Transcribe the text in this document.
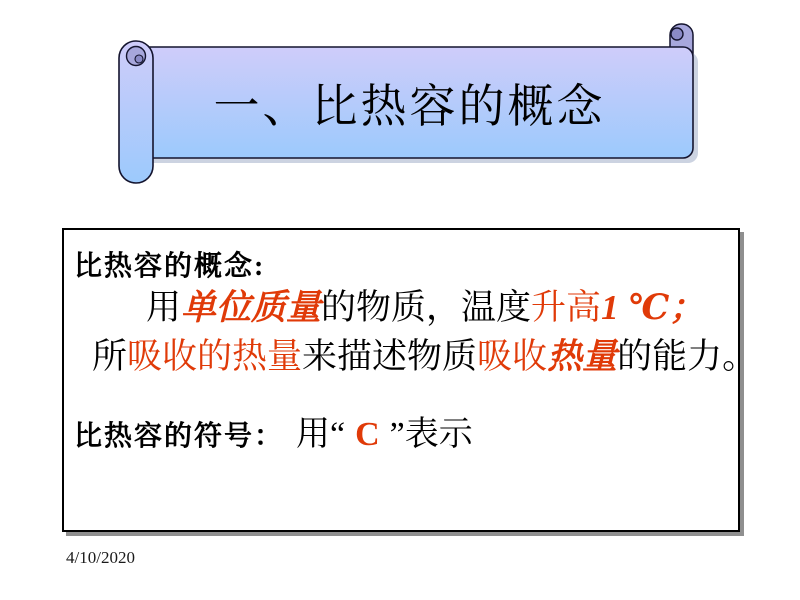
一、比热容的概念
比热容的概念:
用单位质量的物质，温度升高1 ℃；
所吸收的热量来描述物质吸收热量的能力。
比热容的符号： 用“ C ”表示
4/10/2020
